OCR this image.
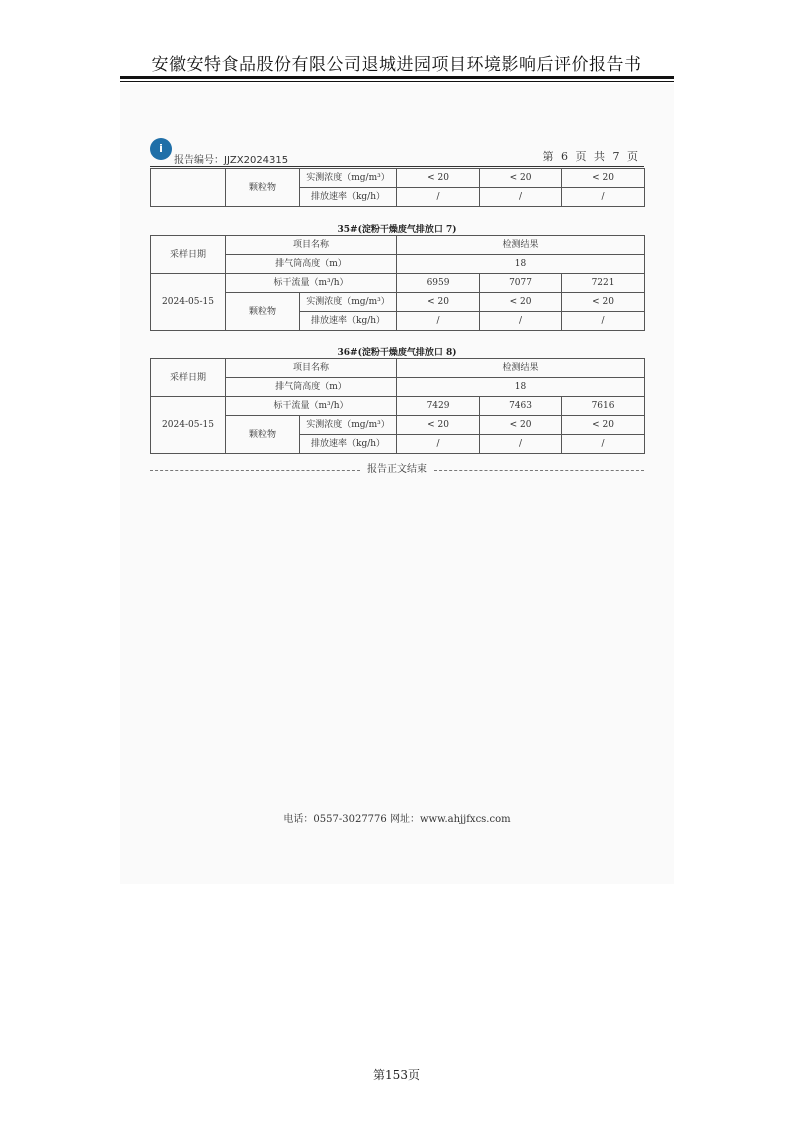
安徽安特食品股份有限公司退城进园项目环境影响后评价报告书
i
报告编号：JJZX2024315	第 6 页 共 7 页
	颗粒物	实测浓度（mg/m³）	< 20	< 20	< 20
		排放速率（kg/h）	/	/	/
35#(淀粉干燥废气排放口 7)
采样日期	项目名称		检测结果		
	排气筒高度（m）		18		
2024-05-15	标干流量（m³/h）		6959	7077	7221
	颗粒物	实测浓度（mg/m³）	< 20	< 20	< 20
		排放速率（kg/h）	/	/	/
36#(淀粉干燥废气排放口 8)
采样日期	项目名称		检测结果		
	排气筒高度（m）		18		
2024-05-15	标干流量（m³/h）		7429	7463	7616
	颗粒物	实测浓度（mg/m³）	< 20	< 20	< 20
		排放速率（kg/h）	/	/	/
报告正文结束
电话：0557-3027776 网址：www.ahjjfxcs.com
第153页
